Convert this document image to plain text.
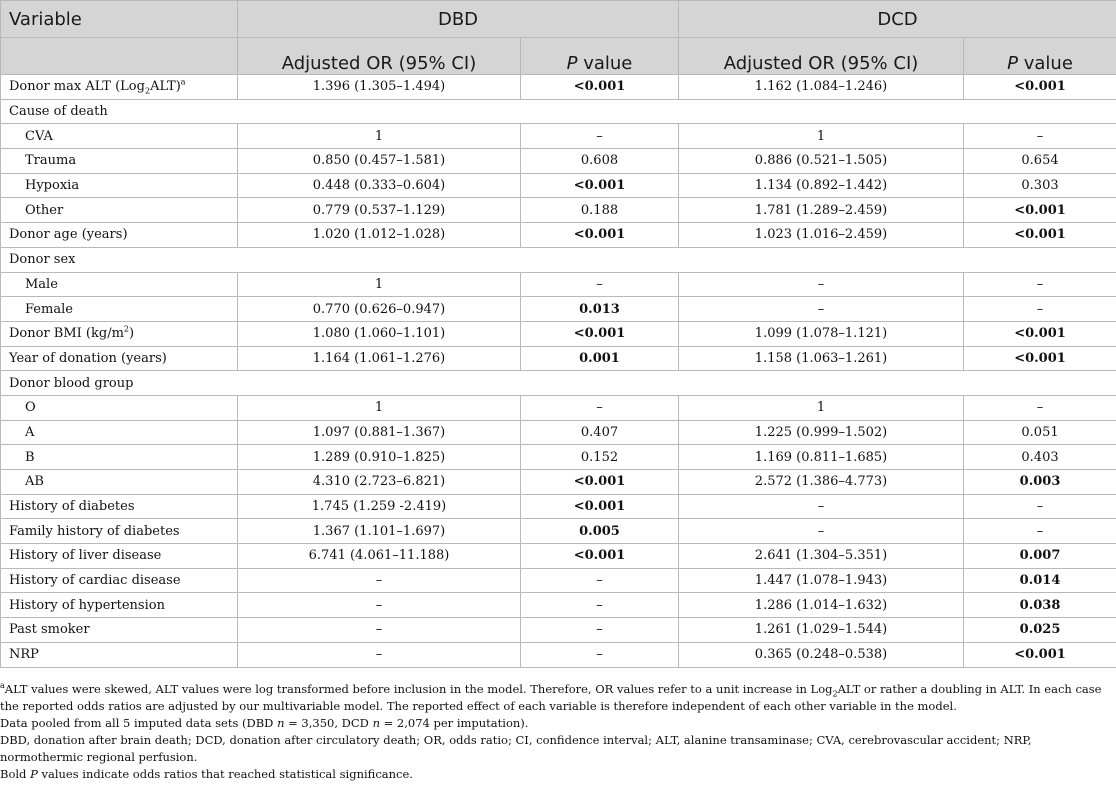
Variable	DBD		DCD	
	Adjusted OR (95% CI)	P value	Adjusted OR (95% CI)	P value
Donor max ALT $(Log_2ALT)^a$	1.396 (1.305–1.494)	<0.001	1.162 (1.084–1.246)	<0.001
Cause of death				
CVA	1	–	1	–
Trauma	0.850 (0.457–1.581)	0.608	0.886 (0.521–1.505)	0.654
Hypoxia	0.448 (0.333–0.604)	<0.001	1.134 (0.892–1.442)	0.303
Other	0.779 (0.537–1.129)	0.188	1.781 (1.289–2.459)	<0.001
Donor age (years)	1.020 (1.012–1.028)	<0.001	1.023 (1.016–2.459)	<0.001
Donor sex				
Male	1	–	–	–
Female	0.770 (0.626–0.947)	0.013	–	–
Donor BMI $(kg/m^2)$	1.080 (1.060–1.101)	<0.001	1.099 (1.078–1.121)	<0.001
Year of donation (years)	1.164 (1.061–1.276)	0.001	1.158 (1.063–1.261)	<0.001
Donor blood group				
O	1	–	1	–
A	1.097 (0.881–1.367)	0.407	1.225 (0.999–1.502)	0.051
B	1.289 (0.910–1.825)	0.152	1.169 (0.811–1.685)	0.403
AB	4.310 (2.723–6.821)	<0.001	2.572 (1.386–4.773)	0.003
History of diabetes	1.745 (1.259 -2.419)	<0.001	–	–
Family history of diabetes	1.367 (1.101–1.697)	0.005	–	–
History of liver disease	6.741 (4.061–11.188)	<0.001	2.641 (1.304–5.351)	0.007
History of cardiac disease	–	–	1.447 (1.078–1.943)	0.014
History of hypertension	–	–	1.286 (1.014–1.632)	0.038
Past smoker	–	–	1.261 (1.029–1.544)	0.025
NRP	–	–	0.365 (0.248–0.538)	<0.001

$^a$ALT values were skewed, ALT values were log transformed before inclusion in the model. Therefore, OR values refer to a unit increase in Log$_2$ALT or rather a doubling in ALT. In each case the reported odds ratios are adjusted by our multivariable model. The reported effect of each variable is therefore independent of each other variable in the model.

Data pooled from all 5 imputed data sets (DBD n = 3,350, DCD n = 2,074 per imputation).

DBD, donation after brain death; DCD, donation after circulatory death; OR, odds ratio; CI, confidence interval; ALT, alanine transaminase; CVA, cerebrovascular accident; NRP, normothermic regional perfusion.

Bold P values indicate odds ratios that reached statistical significance.
